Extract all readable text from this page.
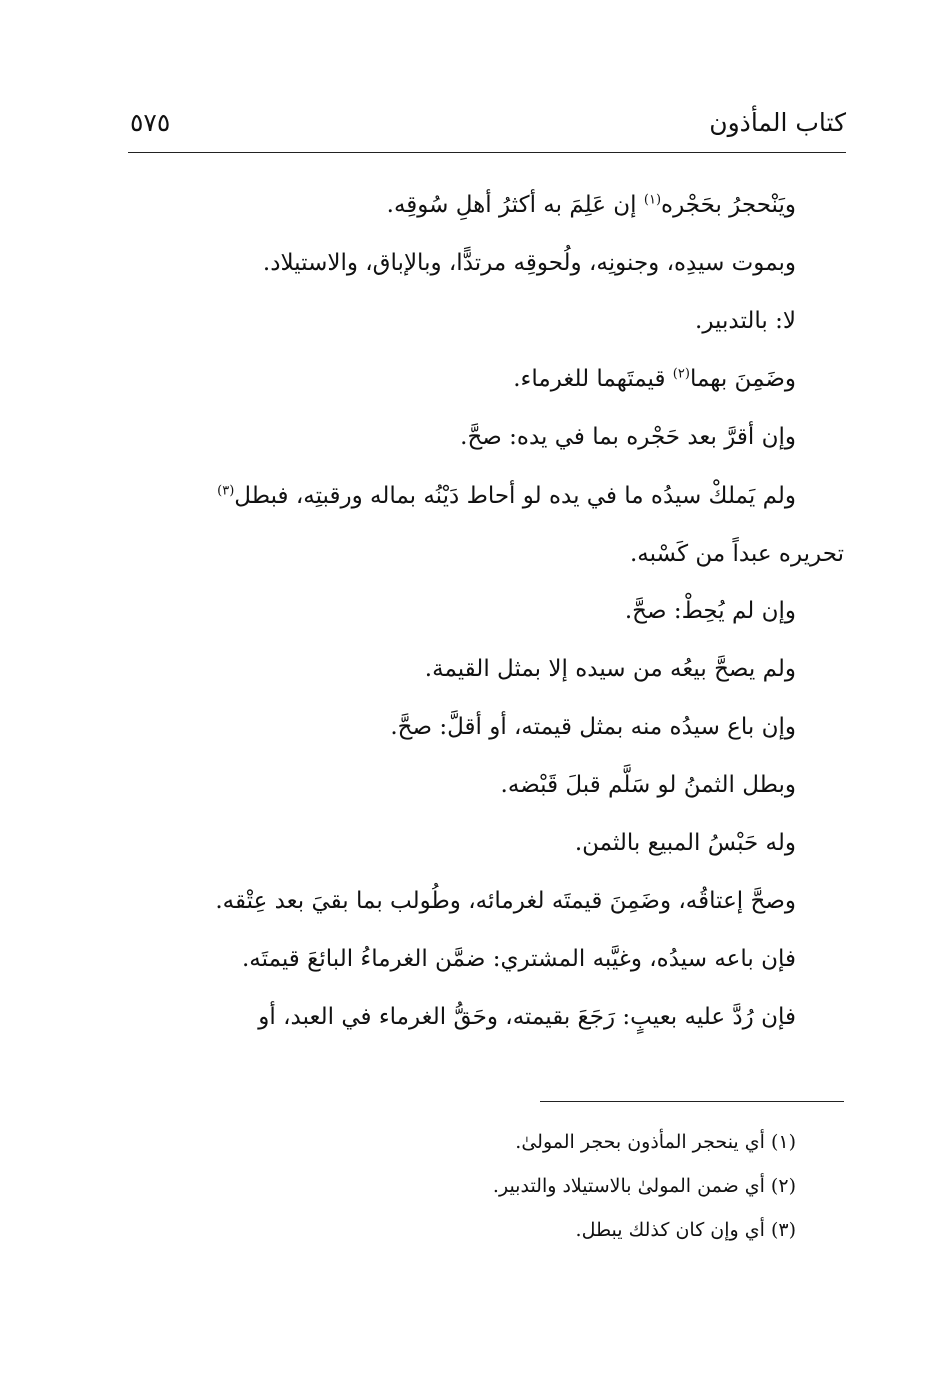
كتاب المأذون
٥٧٥
ويَنْحجرُ بحَجْره$^{(١)}$ إن عَلِمَ به أكثرُ أهلِ سُوقِه.
وبموت سيدِه، وجنونِه، ولُحوقِه مرتدًّا، وبالإباق، والاستيلاد.
لا: بالتدبير.
وضَمِنَ بهما$^{(٢)}$ قيمتَهما للغرماء.
وإن أقرَّ بعد حَجْره بما في يده: صحَّ.
ولم يَملكْ سيدُه ما في يده لو أحاط دَيْنُه بماله ورقبتِه، فبطل$^{(٣)}$
تحريره عبداً من كَسْبه.
وإن لم يُحِطْ: صحَّ.
ولم يصحَّ بيعُه من سيده إلا بمثل القيمة.
وإن باع سيدُه منه بمثل قيمته، أو أقلَّ: صحَّ.
وبطل الثمنُ لو سَلَّم قبلَ قَبْضه.
وله حَبْسُ المبيع بالثمن.
وصحَّ إعتاقُه، وضَمِنَ قيمتَه لغرمائه، وطُولب بما بقيَ بعد عِتْقه.
فإن باعه سيدُه، وغيَّبه المشتري: ضمَّن الغرماءُ البائعَ قيمتَه.
فإن رُدَّ عليه بعيبٍ: رَجَعَ بقيمته، وحَقُّ الغرماء في العبد، أو
(١) أي ينحجر المأذون بحجر المولىٰ.
(٢) أي ضمن المولىٰ بالاستيلاد والتدبير.
(٣) أي وإن كان كذلك يبطل.
